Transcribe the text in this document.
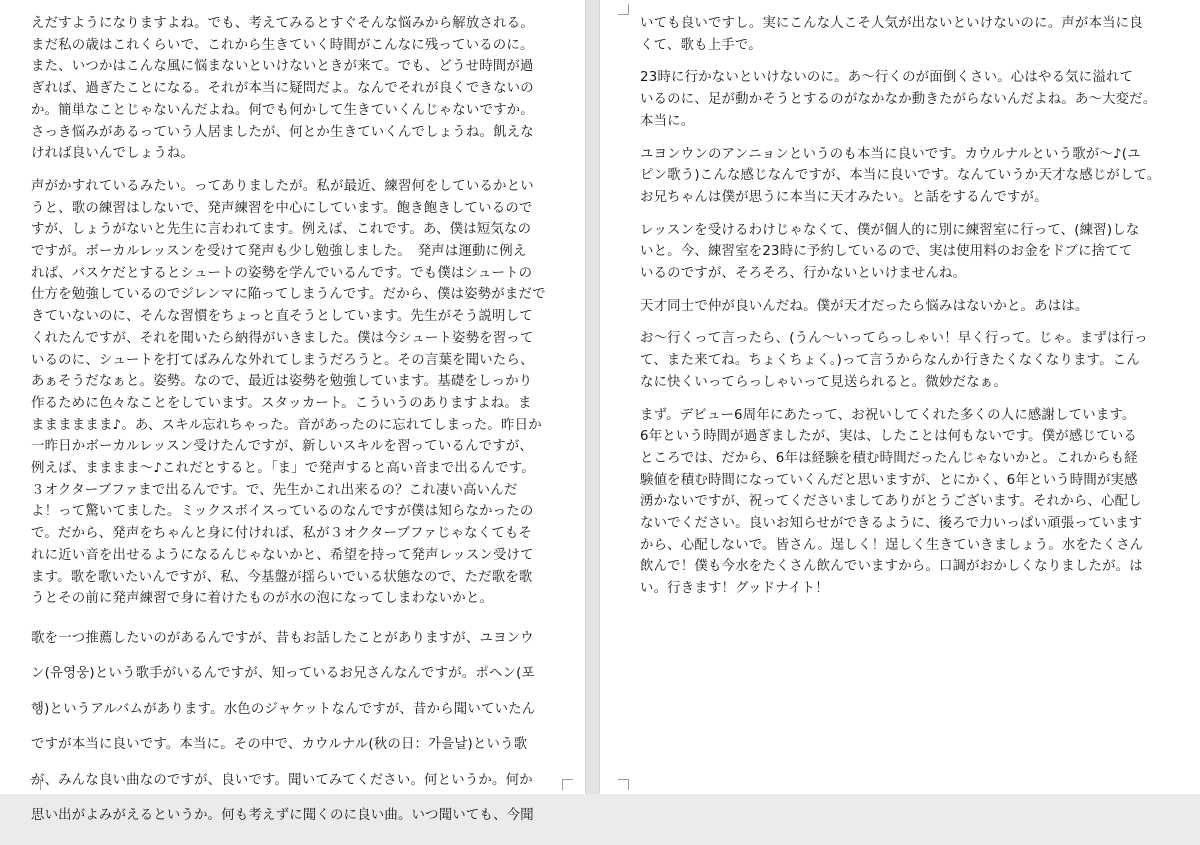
えだすようになりますよね。でも、考えてみるとすぐそんな悩みから解放される。
まだ私の歳はこれくらいで、これから生きていく時間がこんなに残っているのに。
また、いつかはこんな風に悩まないといけないときが来て。でも、どうせ時間が過
ぎれば、過ぎたことになる。それが本当に疑問だよ。なんでそれが良くできないの
か。簡単なことじゃないんだよね。何でも何かして生きていくんじゃないですか。
さっき悩みがあるっていう人居ましたが、何とか生きていくんでしょうね。飢えな
ければ良いんでしょうね。

声がかすれているみたい。ってありましたが。私が最近、練習何をしているかとい
うと、歌の練習はしないで、発声練習を中心にしています。飽き飽きしているので
すが、しょうがないと先生に言われてます。例えば、これです。あ、僕は短気なの
ですが。ボーカルレッスンを受けて発声も少し勉強しました。　発声は運動に例え
れば、バスケだとするとシュートの姿勢を学んでいるんです。でも僕はシュートの
仕方を勉強しているのでジレンマに陥ってしまうんです。だから、僕は姿勢がまだで
きていないのに、そんな習慣をちょっと直そうとしています。先生がそう説明して
くれたんですが、それを聞いたら納得がいきました。僕は今シュート姿勢を習って
いるのに、シュートを打てばみんな外れてしまうだろうと。その言葉を聞いたら、
あぁそうだなぁと。姿勢。なので、最近は姿勢を勉強しています。基礎をしっかり
作るために色々なことをしています。スタッカート。こういうのありますよね。ま
まままままま♪。あ、スキル忘れちゃった。音があったのに忘れてしまった。昨日か
一昨日かボーカルレッスン受けたんですが、新しいスキルを習っているんですが、
例えば、まままま〜♪これだとすると。「ま」で発声すると高い音まで出るんです。
３オクターブファまで出るんです。で、先生かこれ出来るの？これ凄い高いんだ
よ！って驚いてました。ミックスボイスっているのなんですが僕は知らなかったの
で。だから、発声をちゃんと身に付ければ、私が３オクターブファじゃなくてもそ
れに近い音を出せるようになるんじゃないかと、希望を持って発声レッスン受けて
ます。歌を歌いたいんですが、私、今基盤が揺らいでいる状態なので、ただ歌を歌
うとその前に発声練習で身に着けたものが水の泡になってしまわないかと。

歌を一つ推薦したいのがあるんですが、昔もお話したことがありますが、ユヨンウ
ン(유영웅)という歌手がいるんですが、知っているお兄さんなんですが。ポヘン(포
행)というアルバムがあります。水色のジャケットなんですが、昔から聞いていたん
ですが本当に良いです。本当に。その中で、カウルナル(秋の日：가을날)という歌
が、みんな良い曲なのですが、良いです。聞いてみてください。何というか。何か
思い出がよみがえるというか。何も考えずに聞くのに良い曲。いつ聞いても、今聞

いても良いですし。実にこんな人こそ人気が出ないといけないのに。声が本当に良
くて、歌も上手で。

23時に行かないといけないのに。あ〜行くのが面倒くさい。心はやる気に溢れて
いるのに、足が動かそうとするのがなかなか動きたがらないんだよね。あ〜大変だ。
本当に。

ユヨンウンのアンニョンというのも本当に良いです。カウルナルという歌が〜♪(ユ
ピン歌う)こんな感じなんですが、本当に良いです。なんていうか天才な感じがして。
お兄ちゃんは僕が思うに本当に天才みたい。と話をするんですが。

レッスンを受けるわけじゃなくて、僕が個人的に別に練習室に行って、(練習)しな
いと。今、練習室を23時に予約しているので、実は使用料のお金をドブに捨てて
いるのですが、そろそろ、行かないといけませんね。

天才同士で仲が良いんだね。僕が天才だったら悩みはないかと。あはは。

お〜行くって言ったら、(うん〜いってらっしゃい！早く行って。じゃ。まずは行っ
て、また来てね。ちょくちょく。)って言うからなんか行きたくなくなります。こん
なに快くいってらっしゃいって見送られると。微妙だなぁ。

まず。デビュー6周年にあたって、お祝いしてくれた多くの人に感謝しています。
6年という時間が過ぎましたが、実は、したことは何もないです。僕が感じている
ところでは、だから、6年は経験を積む時間だったんじゃないかと。これからも経
験値を積む時間になっていくんだと思いますが、とにかく、6年という時間が実感
湧かないですが、祝ってくださいましてありがとうございます。それから、心配し
ないでください。良いお知らせができるように、後ろで力いっぱい頑張っています
から、心配しないで。皆さん。逞しく！逞しく生きていきましょう。水をたくさん
飲んで！僕も今水をたくさん飲んでいますから。口調がおかしくなりましたが。は
い。行きます！グッドナイト！
